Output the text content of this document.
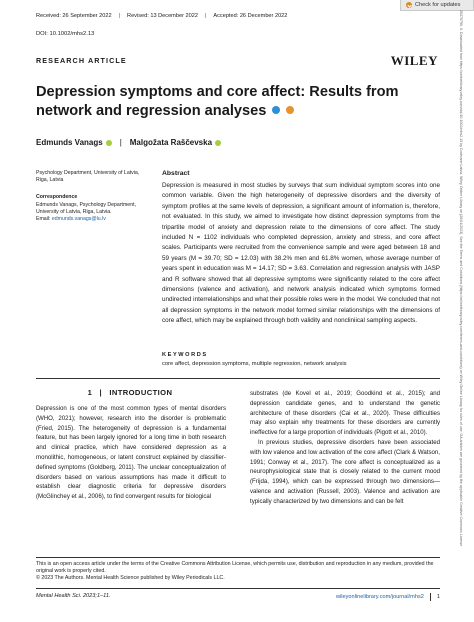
Received: 26 September 2022 | Revised: 13 December 2022 | Accepted: 26 December 2022
Check for updates
DOI: 10.1002/mhs2.13
RESEARCH ARTICLE	WILEY
Depression symptoms and core affect: Results from network and regression analyses
Edmunds Vanags | Malgožata Raščevska
Psychology Department, University of Latvia, Riga, Latvia
Correspondence
Edmunds Vanags, Psychology Department, University of Latvia, Riga, Latvia.
Email: edmunds.vanags@lu.lv
Abstract
Depression is measured in most studies by surveys that sum individual symptom scores into one common variable. Given the high heterogeneity of depressive disorders and the diversity of symptom profiles at the same levels of depression, a significant amount of information is, therefore, not evaluated. In this study, we aimed to investigate how distinct depression symptoms from the tripartite model of anxiety and depression relate to the dimensions of core affect. The study included N = 1102 individuals who completed depression, anxiety and stress, and core affect scales. Participants were recruited from the convenience sample and were aged between 18 and 59 years (M = 39.70; SD = 12.03) with 38.2% men and 61.8% women, whose average number of years spent in education was M = 14.17; SD = 3.63. Correlation and regression analysis with JASP and R software showed that all depressive symptoms were significantly related to the core affect dimensions (valence and activation), and network analysis indicated which symptoms formed undirected interrelationships and what their possible roles were in the model. We concluded that not all depression symptoms in the network model formed similar relationships with the dimensions of core affect, which may be explained through both validity and noncliniical sampling aspects.
KEYWORDS
core affect, depression symptoms, multiple regression, network analysis
1 | INTRODUCTION
Depression is one of the most common types of mental disorders (WHO, 2021); however, research into the disorder is problematic (Fried, 2015). The heterogeneity of depression is a fundamental feature, but has been largely ignored for a long time in both research and clinical practice, which have considered depression as a monolithic, homogeneous, or latent construct explained by classifier-defined symptoms (Goldberg, 2011). The unclear conceptualization of disorders based on various assumptions has made it difficult to establish clear diagnostic criteria for depressive disorders (McGlinchey et al., 2006), to find convergent results for biological
substrates (de Kovel et al., 2019; Goodkind et al., 2015); and depression candidate genes, and to understand the genetic architecture of these disorders (Cai et al., 2020). These difficulties may also explain why treatments for these disorders are currently ineffective for a large proportion of individuals (Pigott et al., 2010).
In previous studies, depressive disorders have been associated with low valence and low activation of the core affect (Clark & Watson, 1991; Conway et al., 2017). The core affect is conceptualized as a neurophysiological state that is closely related to the current mood (Frijda, 1994), which can be expressed through two dimensions—valence and activation (Russell, 2003). Valence and activation are typically characterized by two dimensions and can be felt
This is an open access article under the terms of the Creative Commons Attribution License, which permits use, distribution and reproduction in any medium, provided the original work is properly cited.
© 2023 The Authors. Mental Health Science published by Wiley Periodicals LLC.
Mental Health Sci. 2023;1–11.	wileyonlinelibrary.com/journal/mhs2 1
26375790, 0, Downloaded from https://onlinelibrary.wiley.com/doi/10.1002/mhs2.13 by Cochrane Latvia, Wiley Online Library on [26/01/2023]. See the Terms and Conditions (https://onlinelibrary.wiley.com/terms-and-conditions) on Wiley Online Library for rules of use; OA articles are governed by the applicable Creative Commons License
